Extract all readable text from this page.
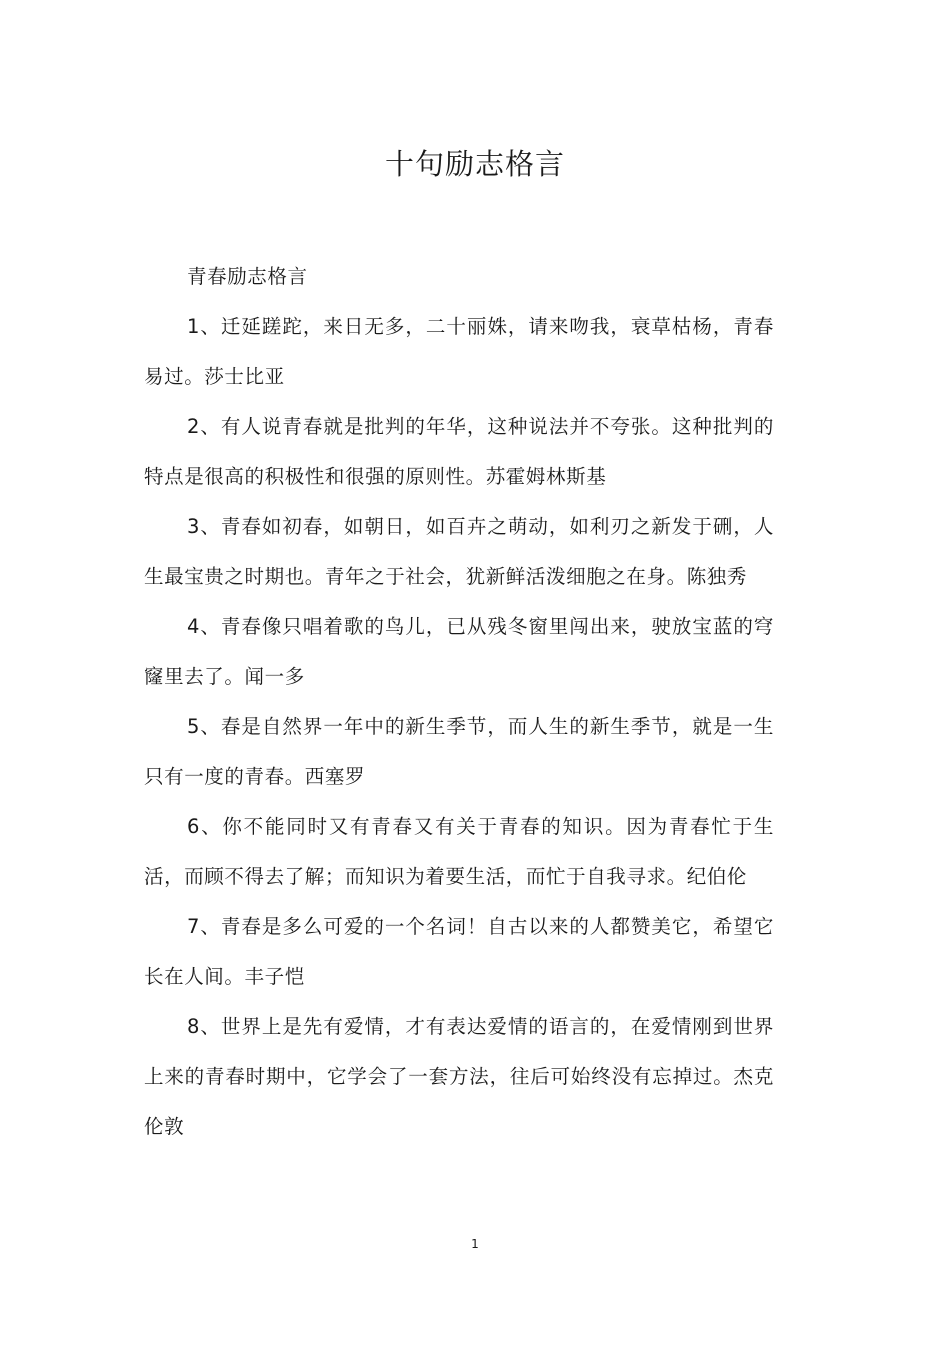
十句励志格言

青春励志格言

1、迁延蹉跎，来日无多，二十丽姝，请来吻我，衰草枯杨，青春易过。莎士比亚

2、有人说青春就是批判的年华，这种说法并不夸张。这种批判的特点是很高的积极性和很强的原则性。苏霍姆林斯基

3、青春如初春，如朝日，如百卉之萌动，如利刃之新发于硎，人生最宝贵之时期也。青年之于社会，犹新鲜活泼细胞之在身。陈独秀

4、青春像只唱着歌的鸟儿，已从残冬窗里闯出来，驶放宝蓝的穹窿里去了。闻一多

5、春是自然界一年中的新生季节，而人生的新生季节，就是一生只有一度的青春。西塞罗

6、你不能同时又有青春又有关于青春的知识。因为青春忙于生活，而顾不得去了解；而知识为着要生活，而忙于自我寻求。纪伯伦

7、青春是多么可爱的一个名词！自古以来的人都赞美它，希望它长在人间。丰子恺

8、世界上是先有爱情，才有表达爱情的语言的，在爱情刚到世界上来的青春时期中，它学会了一套方法，往后可始终没有忘掉过。杰克伦敦

1
